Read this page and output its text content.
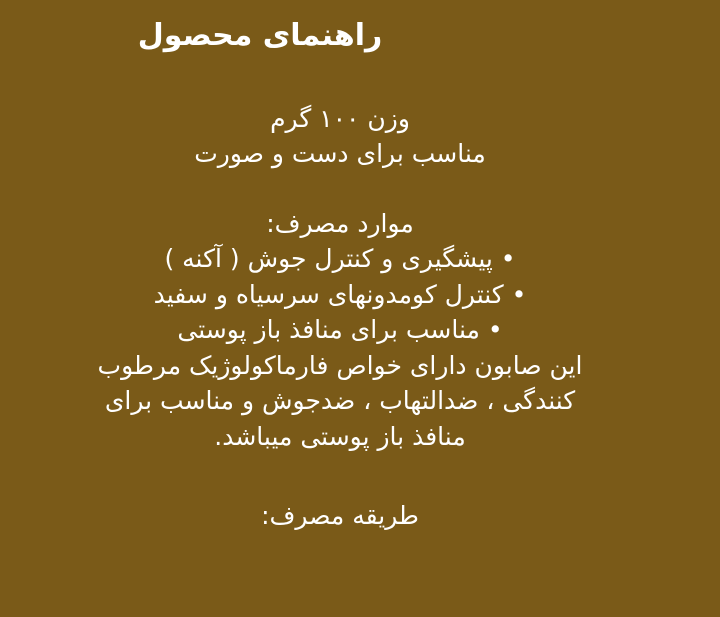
راهنمای محصول
وزن ۱۰۰ گرم
مناسب برای دست و صورت
موارد مصرف:
• پیشگیری و کنترل جوش ( آکنه )
• کنترل کومدونهای سرسیاه و سفید
• مناسب برای منافذ باز پوستی
این صابون دارای خواص فارماکولوژیک مرطوب
کنندگی ، ضدالتهاب ، ضدجوش و مناسب برای
منافذ باز پوستی میباشد.
طریقه مصرف:
